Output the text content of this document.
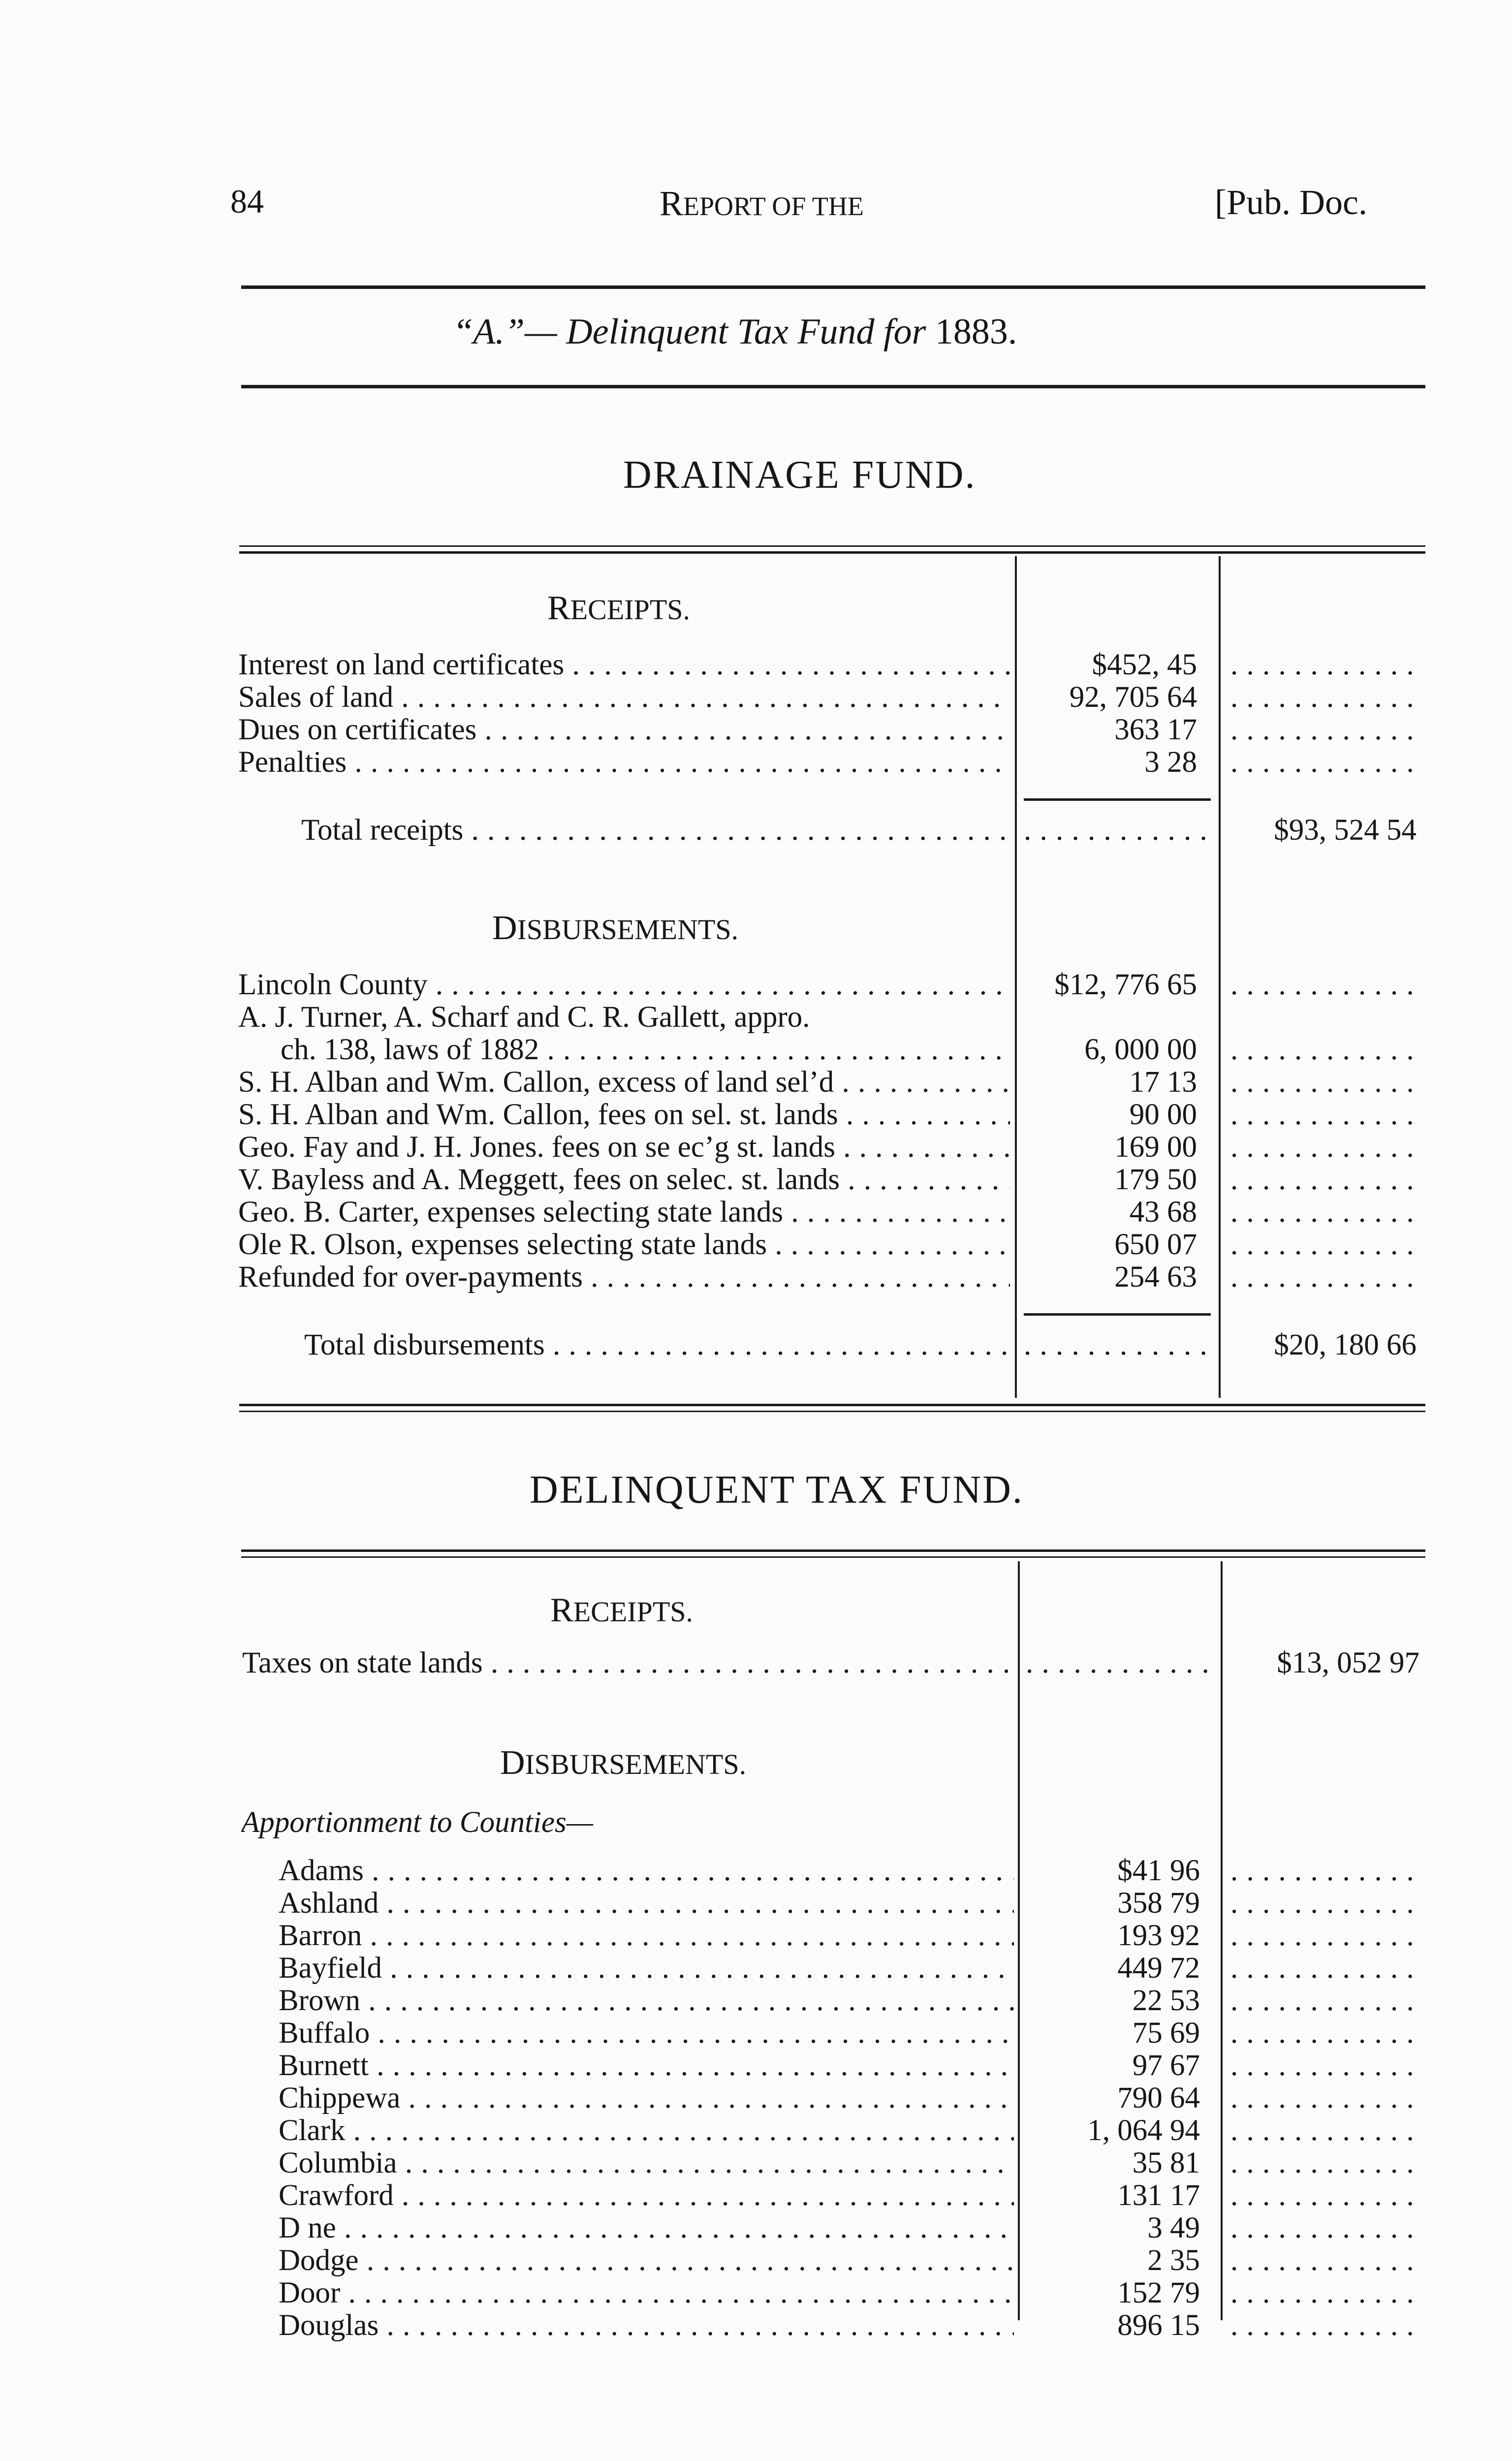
84	REPORT OF THE	[Pub. Doc.
“A.”— Delinquent Tax Fund for 1883.
DRAINAGE FUND.
RECEIPTS.
Interest on land certificates . . .	$452, 45
. . .
Sales of land . . .	92, 705 64
. . .
Dues on certificates . . .	363 17
. . .
Penalties . . .	3 28
. . .
Total receipts . . . . . .	$93, 524 54
DISBURSEMENTS.
Lincoln County . . .	$12, 776 65
. . .
A. J. Turner, A. Scharf and C. R. Gallett, appro.
ch. 138, laws of 1882 . . .	6, 000 00
. . .
S. H. Alban and Wm. Callon, excess of land sel’d . . .	17 13
. . .
S. H. Alban and Wm. Callon, fees on sel. st. lands . . .	90 00
. . .
Geo. Fay and J. H. Jones. fees on se ec’g st. lands . . .	169 00
. . .
V. Bayless and A. Meggett, fees on selec. st. lands . . .	179 50
. . .
Geo. B. Carter, expenses selecting state lands . . .	43 68
. . .
Ole R. Olson, expenses selecting state lands . . .	650 07
. . .
Refunded for over-payments . . .	254 63
. . .
Total disbursements . . . . . .	$20, 180 66
DELINQUENT TAX FUND.
RECEIPTS.
Taxes on state lands . . . . . .	$13, 052 97
DISBURSEMENTS.
Apportionment to Counties—
Adams . . .	$41 96
. . .
Ashland . . .	358 79
. . .
Barron . . .	193 92
. . .
Bayfield . . .	449 72
. . .
Brown . . .	22 53
. . .
Buffalo . . .	75 69
. . .
Burnett . . .	97 67
. . .
Chippewa . . .	790 64
. . .
Clark . . .	1, 064 94
. . .
Columbia . . .	35 81
. . .
Crawford . . .	131 17
. . .
D ne . . .	3 49
. . .
Dodge . . .	2 35
. . .
Door . . .	152 79
. . .
Douglas . . .	896 15
. . .
